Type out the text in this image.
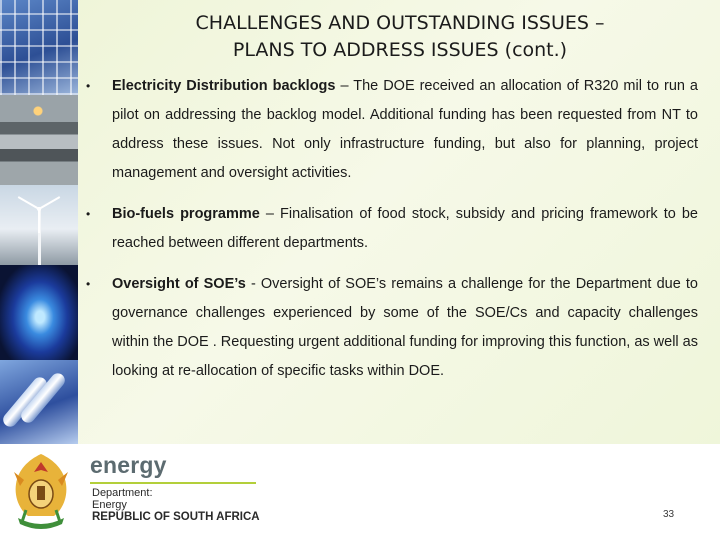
CHALLENGES AND OUTSTANDING ISSUES –
PLANS TO ADDRESS ISSUES (cont.)
• Electricity Distribution backlogs – The DOE received an allocation of R320 mil to run a pilot on addressing the backlog model. Additional funding has been requested from NT to address these issues. Not only infrastructure funding, but also for planning, project management and oversight activities.

• Bio-fuels programme – Finalisation of food stock, subsidy and pricing framework to be reached between different departments.

• Oversight of SOE’s - Oversight of SOE’s remains a challenge for the Department due to governance challenges experienced by some of the SOE/Cs and capacity challenges within the DOE . Requesting urgent additional funding for improving this function, as well as looking at re-allocation of specific tasks within DOE.

energy
Department:
Energy
REPUBLIC OF SOUTH AFRICA	33
